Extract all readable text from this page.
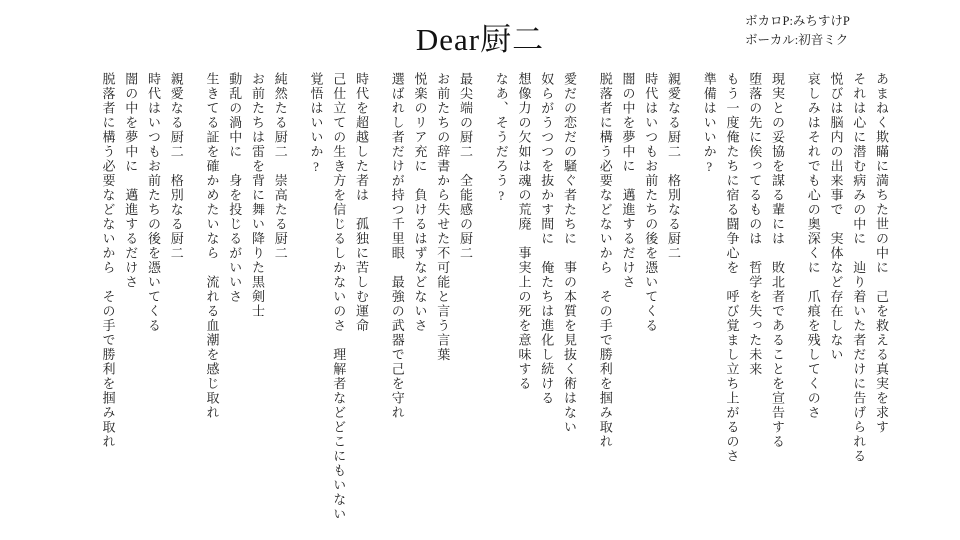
Dear厨二
ボカロP:みちすけP
ボーカル:初音ミク

あまねく欺瞞に満ちた世の中に　己を救える真実を求す

それは心に潜む病みの中に　辿り着いた者だけに告げられる

悦びは脳内の出来事で　実体など存在しない

哀しみはそれでも心の奥深くに　爪痕を残してくのさ

現実との妥協を謀る輩には　敗北者であることを宣告する

堕落の先に俟ってるものは　哲学を失った未来

もう一度俺たちに宿る闘争心を　呼び覚まし立ち上がるのさ

準備はいいか?

親愛なる厨二　格別なる厨二

時代はいつもお前たちの後を憑いてくる

闇の中を夢中に　邁進するだけさ

脱落者に構う必要などないから　その手で勝利を掴み取れ

愛だの恋だの騒ぐ者たちに　事の本質を見抜く術はない

奴らがうつつを抜かす間に　俺たちは進化し続ける

想像力の欠如は魂の荒廃　事実上の死を意味する

なあ、そうだろう?

最尖端の厨二　全能感の厨二

お前たちの辞書から失せた不可能と言う言葉

悦楽のリア充に　負けるはずなどないさ

選ばれし者だけが持つ千里眼　最強の武器で己を守れ

時代を超越した者は　孤独に苦しむ運命

己仕立ての生き方を信じるしかないのさ　理解者などどこにもいない

覚悟はいいか?

純然たる厨二　崇高たる厨二

お前たちは雷を背に舞い降りた黒剣士

動乱の渦中に　身を投じるがいいさ

生きてる証を確かめたいなら　流れる血潮を感じ取れ

親愛なる厨二　格別なる厨二

時代はいつもお前たちの後を憑いてくる

闇の中を夢中に　邁進するだけさ

脱落者に構う必要などないから　その手で勝利を掴み取れ
